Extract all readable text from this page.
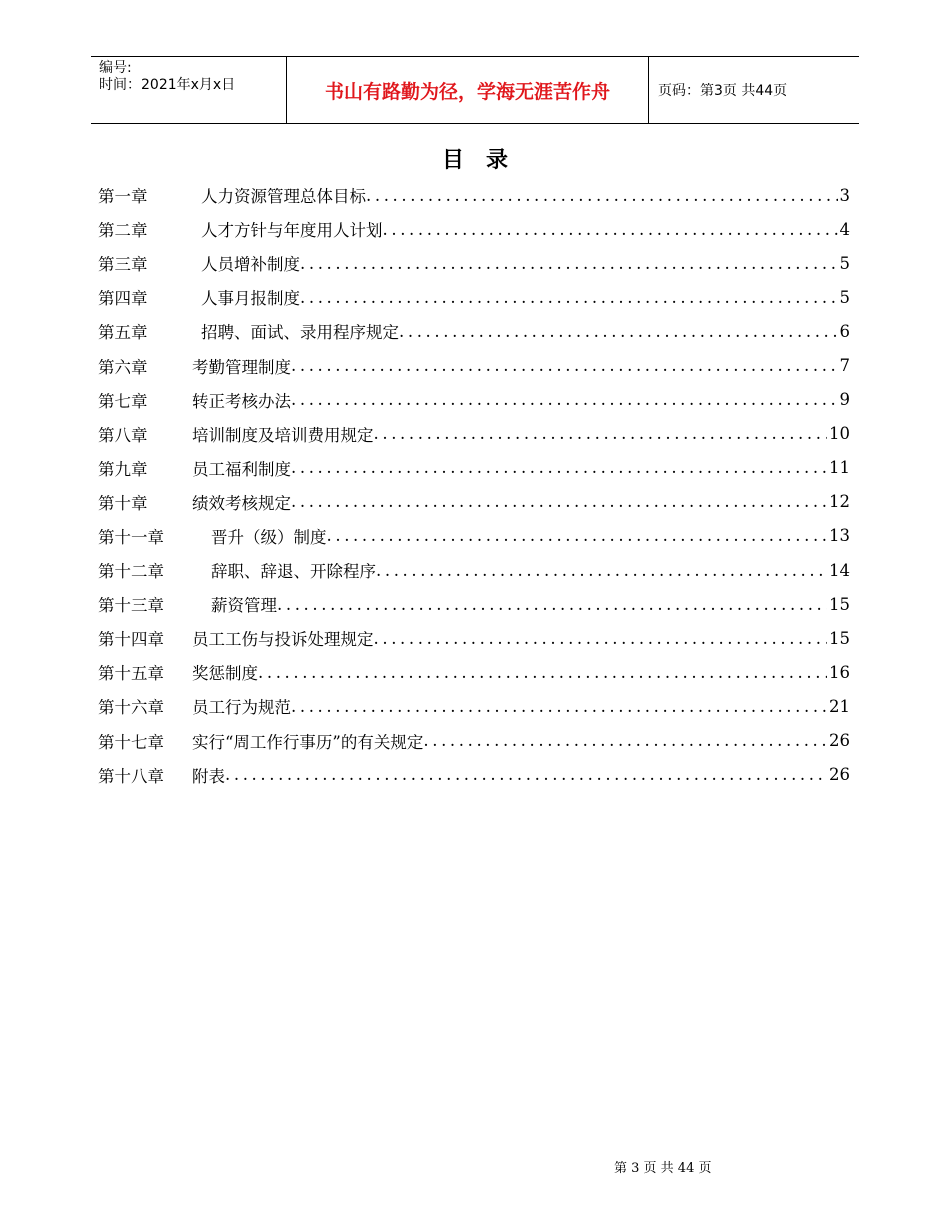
编号:
时间：2021年x月x日	书山有路勤为径，学海无涯苦作舟	页码：第3页 共44页
目录
第一章	人力资源管理总体目标 .....	3
第二章	人才方针与年度用人计划 .....	4
第三章	人员增补制度 .....	5
第四章	人事月报制度 .....	5
第五章	招聘、面试、录用程序规定 .....	6
第六章	考勤管理制度 .....	7
第七章	转正考核办法 .....	9
第八章	培训制度及培训费用规定 .....	10
第九章	员工福利制度 .....	11
第十章	绩效考核规定 .....	12
第十一章	晋升（级）制度 .....	13
第十二章	辞职、辞退、开除程序 .....	14
第十三章	薪资管理 .....	15
第十四章	员工工伤与投诉处理规定 .....	15
第十五章	奖惩制度 .....	16
第十六章	员工行为规范 .....	21
第十七章	实行“周工作行事历”的有关规定 .....	26
第十八章	附表 .....	26
第 3 页 共 44 页
